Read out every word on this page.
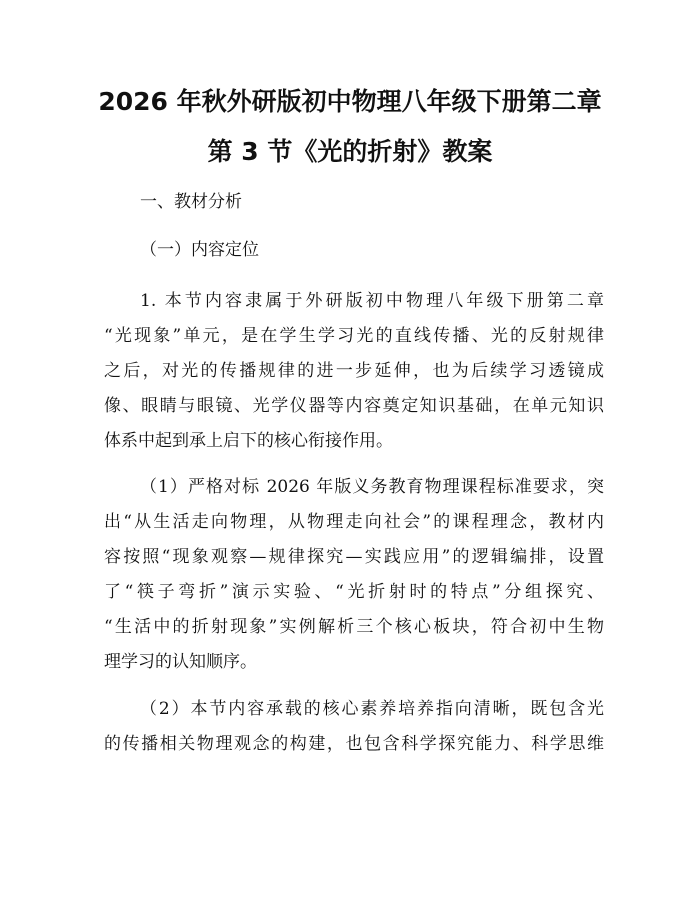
2026 年秋外研版初中物理八年级下册第二章
第 3 节《光的折射》教案

一、教材分析

（一）内容定位

1. 本节内容隶属于外研版初中物理八年级下册第二章
“光现象”单元，是在学生学习光的直线传播、光的反射规律
之后，对光的传播规律的进一步延伸，也为后续学习透镜成
像、眼睛与眼镜、光学仪器等内容奠定知识基础，在单元知识
体系中起到承上启下的核心衔接作用。
（1）严格对标 2026 年版义务教育物理课程标准要求，突
出“从生活走向物理，从物理走向社会”的课程理念，教材内
容按照“现象观察—规律探究—实践应用”的逻辑编排，设置
了“筷子弯折”演示实验、“光折射时的特点”分组探究、
“生活中的折射现象”实例解析三个核心板块，符合初中生物
理学习的认知顺序。
（2）本节内容承载的核心素养培养指向清晰，既包含光
的传播相关物理观念的构建，也包含科学探究能力、科学思维
